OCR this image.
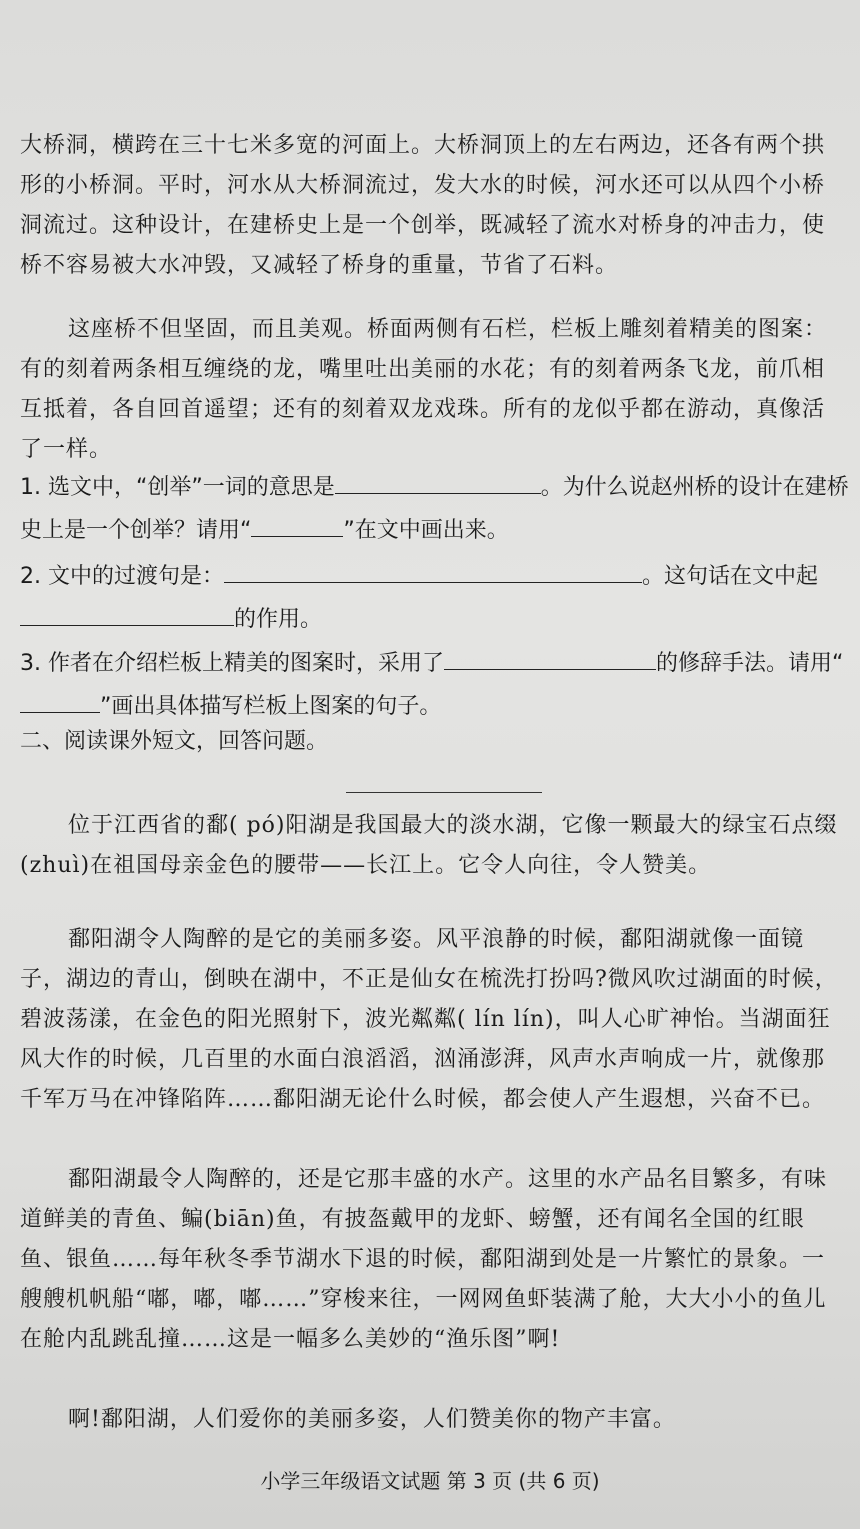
大桥洞，横跨在三十七米多宽的河面上。大桥洞顶上的左右两边，还各有两个拱形的小桥洞。平时，河水从大桥洞流过，发大水的时候，河水还可以从四个小桥洞流过。这种设计，在建桥史上是一个创举，既减轻了流水对桥身的冲击力，使桥不容易被大水冲毁，又减轻了桥身的重量，节省了石料。

这座桥不但坚固，而且美观。桥面两侧有石栏，栏板上雕刻着精美的图案：有的刻着两条相互缠绕的龙，嘴里吐出美丽的水花；有的刻着两条飞龙，前爪相互抵着，各自回首遥望；还有的刻着双龙戏珠。所有的龙似乎都在游动，真像活了一样。

1. 选文中，“创举”一词的意思是	。为什么说赵州桥的设计在建桥史上是一个创举？请用“	”在文中画出来。

2. 文中的过渡句是：	。这句话在文中起的作用。

3. 作者在介绍栏板上精美的图案时，采用了	的修辞手法。请用“”画出具体描写栏板上图案的句子。

二、阅读课外短文，回答问题。

位于江西省的鄱( pó)阳湖是我国最大的淡水湖，它像一颗最大的绿宝石点缀(zhuì)在祖国母亲金色的腰带——长江上。它令人向往，令人赞美。

鄱阳湖令人陶醉的是它的美丽多姿。风平浪静的时候，鄱阳湖就像一面镜子，湖边的青山，倒映在湖中，不正是仙女在梳洗打扮吗?微风吹过湖面的时候，碧波荡漾，在金色的阳光照射下，波光粼粼( lín lín)，叫人心旷神怡。当湖面狂风大作的时候，几百里的水面白浪滔滔，汹涌澎湃，风声水声响成一片，就像那千军万马在冲锋陷阵……鄱阳湖无论什么时候，都会使人产生遐想，兴奋不已。

鄱阳湖最令人陶醉的，还是它那丰盛的水产。这里的水产品名目繁多，有味道鲜美的青鱼、鳊(biān)鱼，有披盔戴甲的龙虾、螃蟹，还有闻名全国的红眼鱼、银鱼……每年秋冬季节湖水下退的时候，鄱阳湖到处是一片繁忙的景象。一艘艘机帆船“嘟，嘟，嘟……”穿梭来往，一网网鱼虾装满了舱，大大小小的鱼儿在舱内乱跳乱撞……这是一幅多么美妙的“渔乐图”啊!

啊!鄱阳湖，人们爱你的美丽多姿，人们赞美你的物产丰富。

小学三年级语文试题 第 3 页 (共 6 页)
